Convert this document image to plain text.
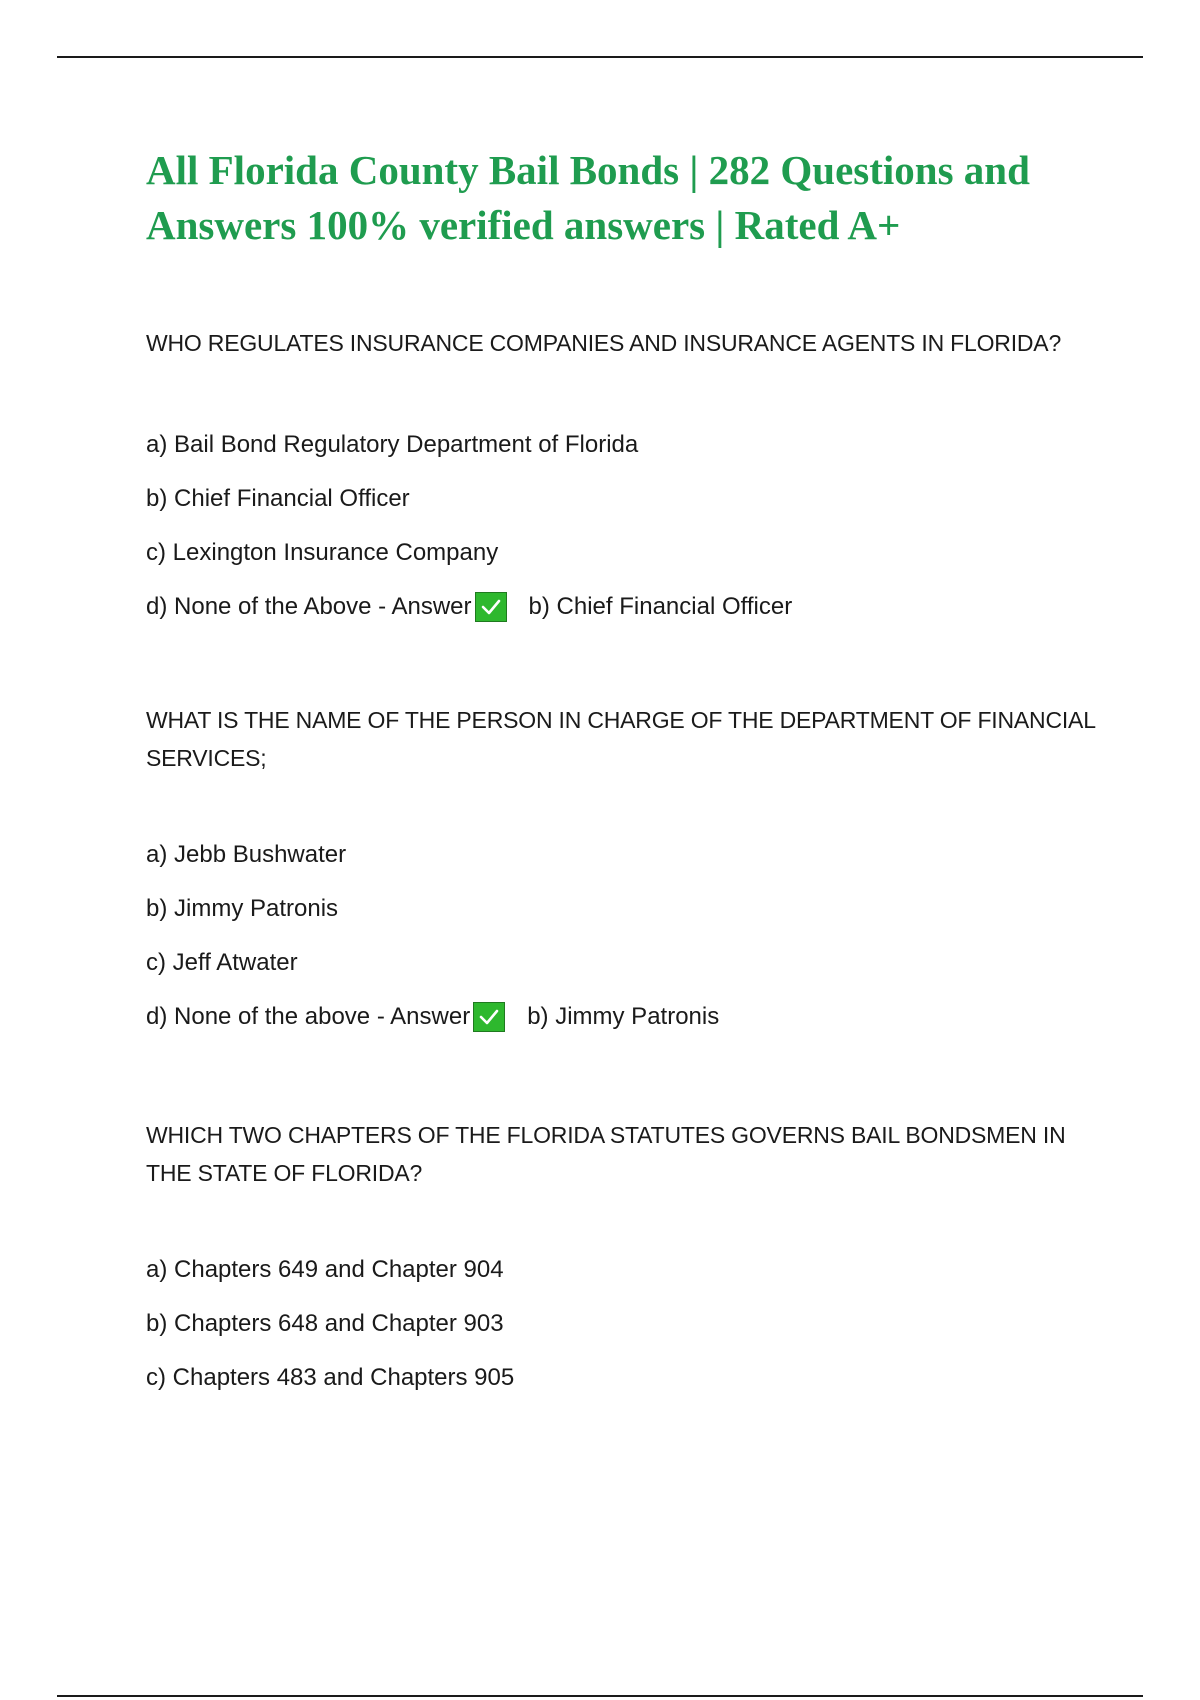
All Florida County Bail Bonds | 282 Questions and Answers 100% verified answers | Rated A+

WHO REGULATES INSURANCE COMPANIES AND INSURANCE AGENTS IN FLORIDA?

a) Bail Bond Regulatory Department of Florida
b) Chief Financial Officer
c) Lexington Insurance Company
d) None of the Above - Answer b) Chief Financial Officer

WHAT IS THE NAME OF THE PERSON IN CHARGE OF THE DEPARTMENT OF FINANCIAL SERVICES;

a) Jebb Bushwater
b) Jimmy Patronis
c) Jeff Atwater
d) None of the above - Answer b) Jimmy Patronis

WHICH TWO CHAPTERS OF THE FLORIDA STATUTES GOVERNS BAIL BONDSMEN IN THE STATE OF FLORIDA?

a) Chapters 649 and Chapter 904
b) Chapters 648 and Chapter 903
c) Chapters 483 and Chapters 905
